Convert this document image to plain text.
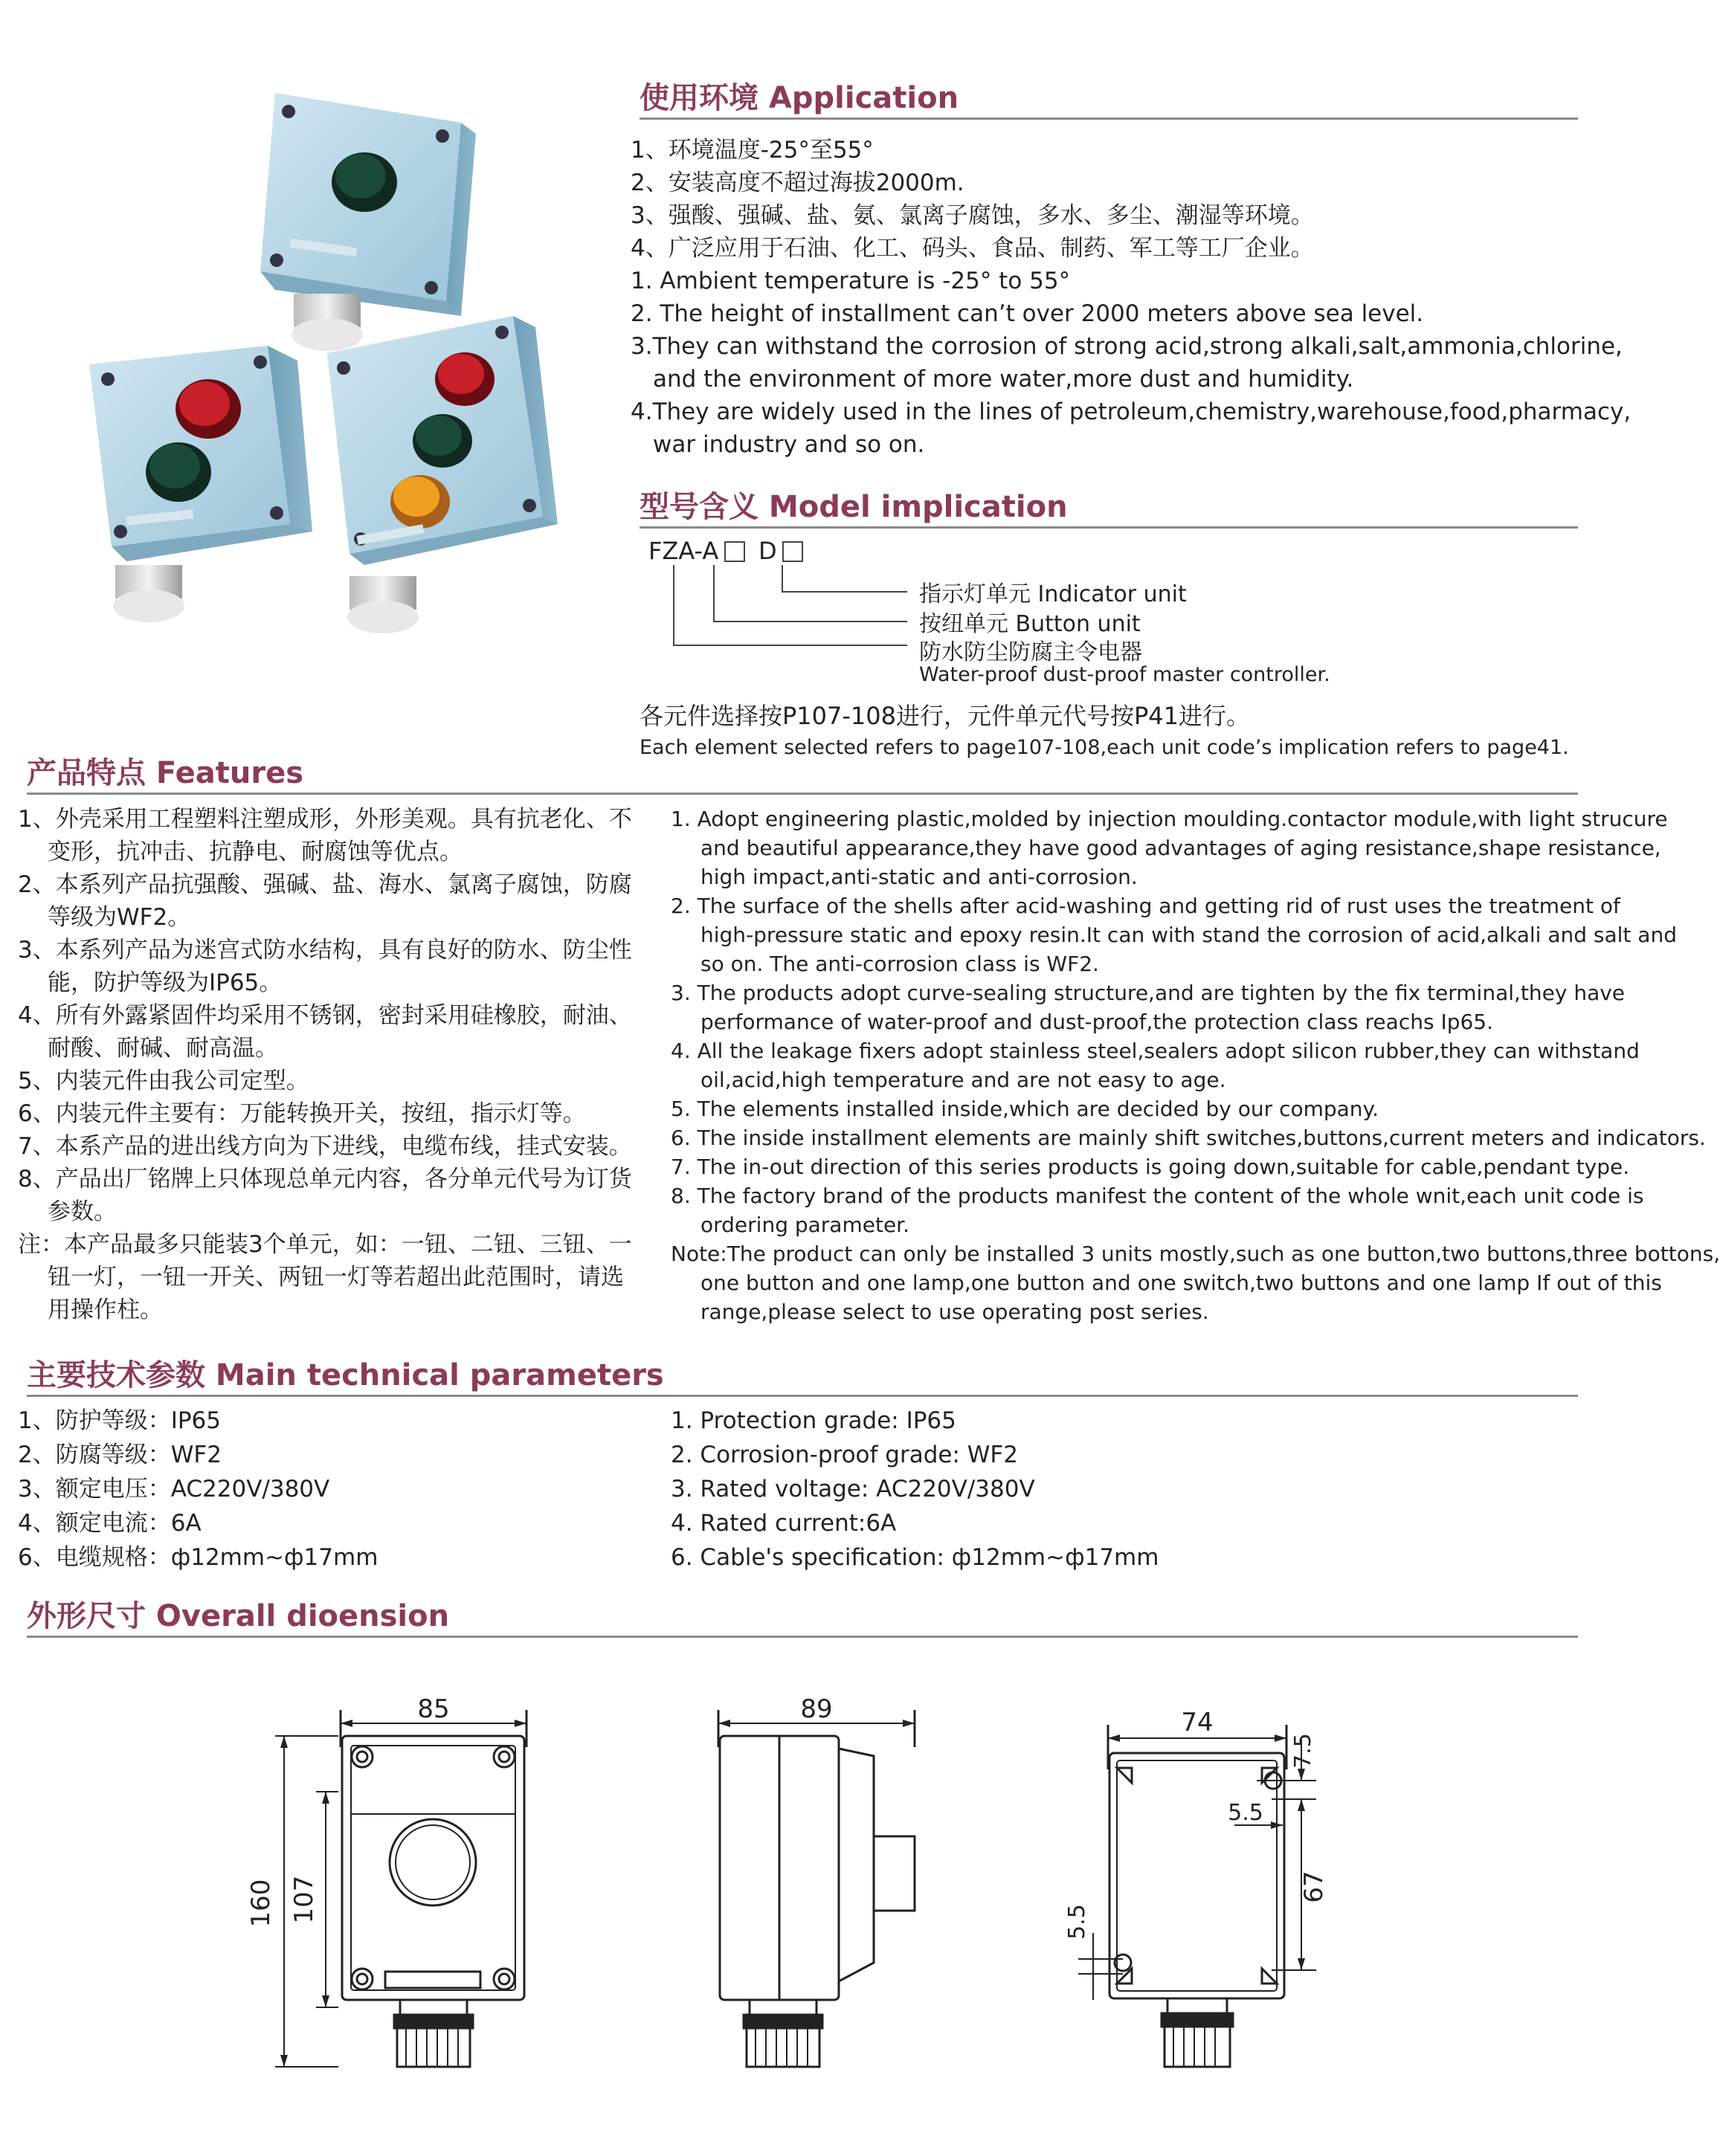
使用环境 Application
1、环境温度-25°至55°
2、安装高度不超过海拔2000m.
3、强酸、强碱、盐、氨、氯离子腐蚀，多水、多尘、潮湿等环境。
4、广泛应用于石油、化工、码头、食品、制药、军工等工厂企业。
1. Ambient temperature is -25° to 55°
2. The height of installment can’t over 2000 meters above sea level.
3.They can withstand the corrosion of strong acid,strong alkali,salt,ammonia,chlorine,
and the environment of more water,more dust and humidity.
4.They are widely used in the lines of petroleum,chemistry,warehouse,food,pharmacy,
war industry and so on.
型号含义 Model implication
FZA-A D
指示灯单元 Indicator unit
按纽单元 Button unit
防水防尘防腐主令电器
Water-proof dust-proof master controller.
各元件选择按P107-108进行，元件单元代号按P41进行。
Each element selected refers to page107-108,each unit code’s implication refers to page41.
产品特点 Features
1、外壳采用工程塑料注塑成形，外形美观。具有抗老化、不
变形，抗冲击、抗静电、耐腐蚀等优点。
2、本系列产品抗强酸、强碱、盐、海水、氯离子腐蚀，防腐
等级为WF2。
3、本系列产品为迷宫式防水结构，具有良好的防水、防尘性
能，防护等级为IP65。
4、所有外露紧固件均采用不锈钢，密封采用硅橡胶，耐油、
耐酸、耐碱、耐高温。
5、内装元件由我公司定型。
6、内装元件主要有：万能转换开关，按纽，指示灯等。
7、本系产品的进出线方向为下进线，电缆布线，挂式安装。
8、产品出厂铭牌上只体现总单元内容，各分单元代号为订货
参数。
注：本产品最多只能装3个单元，如：一钮、二钮、三钮、一
钮一灯，一钮一开关、两钮一灯等若超出此范围时，请选
用操作柱。
1. Adopt engineering plastic,molded by injection moulding.contactor module,with light strucure
and beautiful appearance,they have good advantages of aging resistance,shape resistance,
high impact,anti-static and anti-corrosion.
2. The surface of the shells after acid-washing and getting rid of rust uses the treatment of
high-pressure static and epoxy resin.It can with stand the corrosion of acid,alkali and salt and
so on. The anti-corrosion class is WF2.
3. The products adopt curve-sealing structure,and are tighten by the fix terminal,they have
performance of water-proof and dust-proof,the protection class reachs Ip65.
4. All the leakage fixers adopt stainless steel,sealers adopt silicon rubber,they can withstand
oil,acid,high temperature and are not easy to age.
5. The elements installed inside,which are decided by our company.
6. The inside installment elements are mainly shift switches,buttons,current meters and indicators.
7. The in-out direction of this series products is going down,suitable for cable,pendant type.
8. The factory brand of the products manifest the content of the whole wnit,each unit code is
ordering parameter.
Note:The product can only be installed 3 units mostly,such as one button,two buttons,three bottons,
one button and one lamp,one button and one switch,two buttons and one lamp If out of this
range,please select to use operating post series.
主要技术参数 Main technical parameters
1、防护等级：IP65
2、防腐等级：WF2
3、额定电压：AC220V/380V
4、额定电流：6A
6、电缆规格：ф12mm~ф17mm
1. Protection grade: IP65
2. Corrosion-proof grade: WF2
3. Rated voltage: AC220V/380V
4. Rated current:6A
6. Cable's specification: ф12mm~ф17mm
外形尺寸 Overall dioension
85
160 107
89	74
7.5
5.5
67
5.5
